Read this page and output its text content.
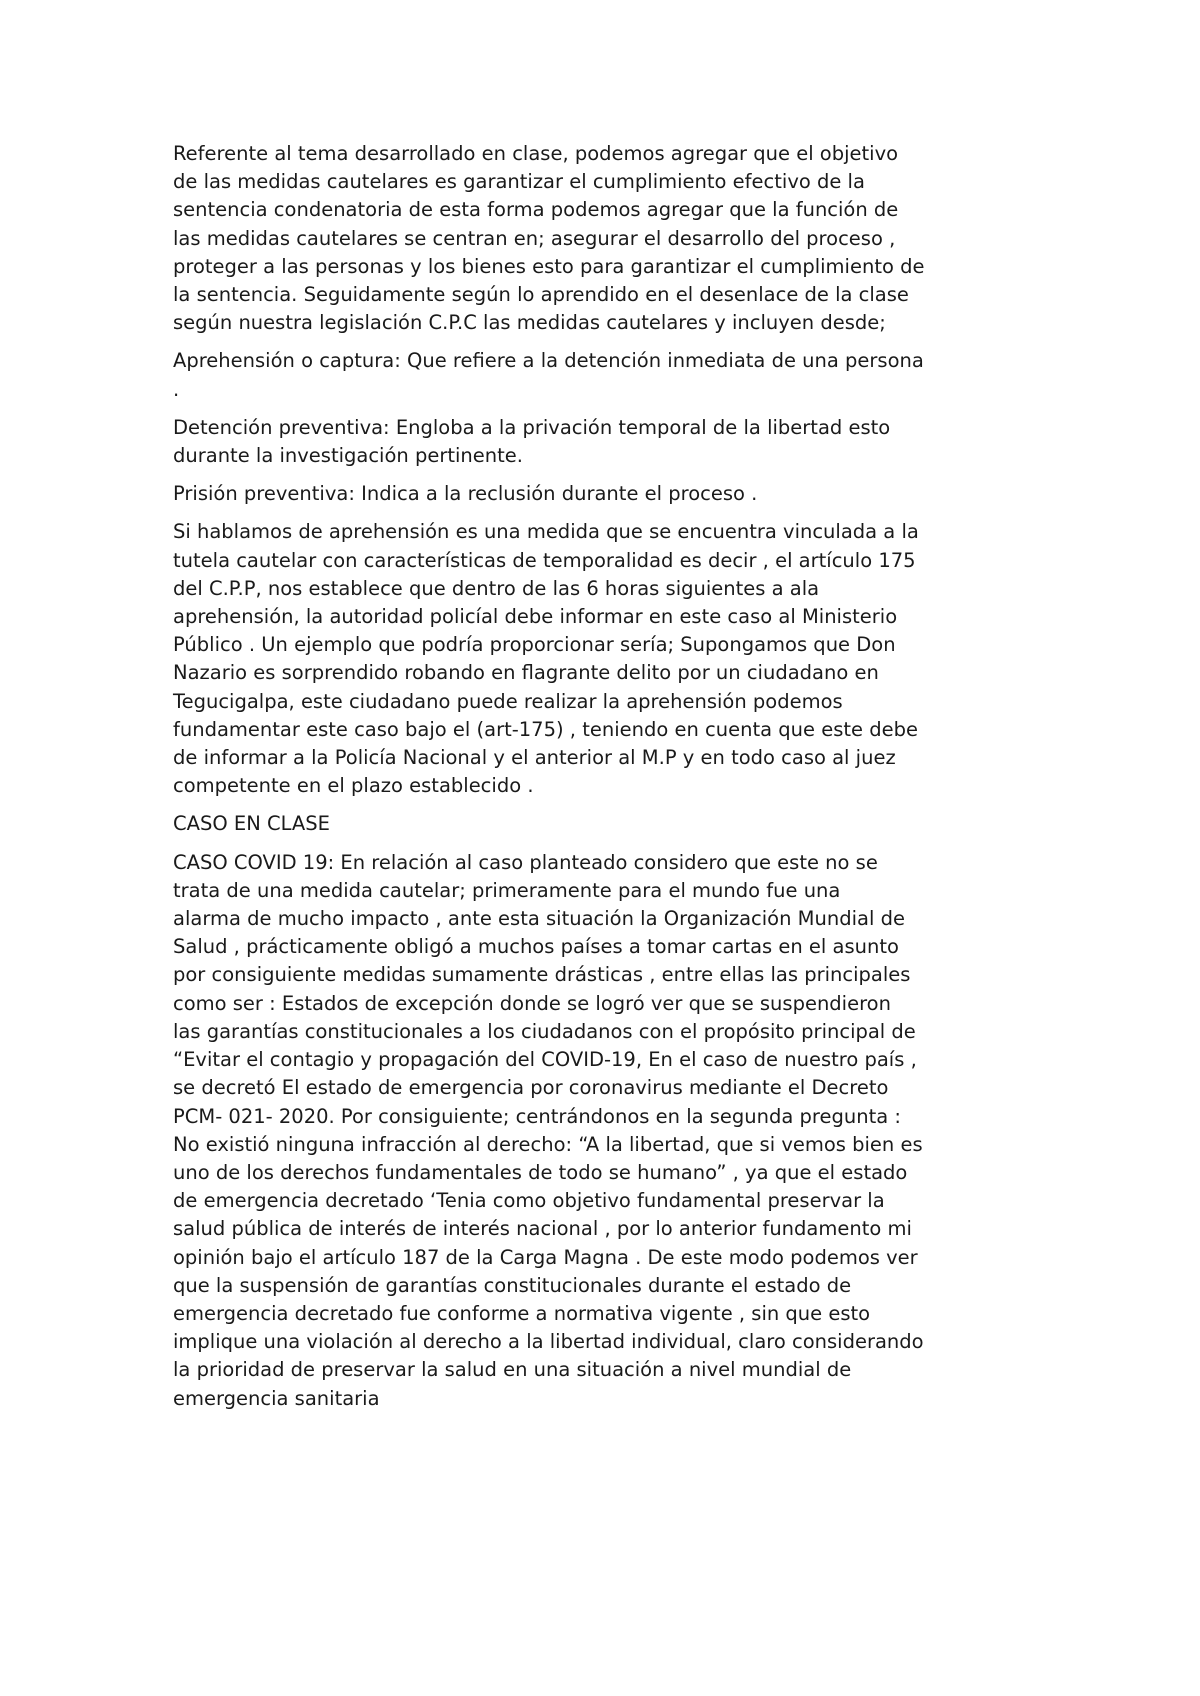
Referente al tema desarrollado en clase, podemos agregar que el objetivo
de las medidas cautelares es garantizar el cumplimiento efectivo de la
sentencia condenatoria de esta forma podemos agregar que la función de
las medidas cautelares se centran en; asegurar el desarrollo del proceso ,
proteger a las personas y los bienes esto para garantizar el cumplimiento de
la sentencia. Seguidamente según lo aprendido en el desenlace de la clase
según nuestra legislación C.P.C las medidas cautelares y incluyen desde;

Aprehensión o captura: Que refiere a la detención inmediata de una persona
.

Detención preventiva: Engloba a la privación temporal de la libertad esto
durante la investigación pertinente.

Prisión preventiva: Indica a la reclusión durante el proceso .

Si hablamos de aprehensión es una medida que se encuentra vinculada a la
tutela cautelar con características de temporalidad es decir , el artículo 175
del C.P.P, nos establece que dentro de las 6 horas siguientes a ala
aprehensión, la autoridad policíal debe informar en este caso al Ministerio
Público . Un ejemplo que podría proporcionar sería; Supongamos que Don
Nazario es sorprendido robando en flagrante delito por un ciudadano en
Tegucigalpa, este ciudadano puede realizar la aprehensión podemos
fundamentar este caso bajo el (art-175) , teniendo en cuenta que este debe
de informar a la Policía Nacional y el anterior al M.P y en todo caso al juez
competente en el plazo establecido .

CASO EN CLASE

CASO COVID 19: En relación al caso planteado considero que este no se
trata de una medida cautelar; primeramente para el mundo fue una
alarma de mucho impacto , ante esta situación la Organización Mundial de
Salud , prácticamente obligó a muchos países a tomar cartas en el asunto
por consiguiente medidas sumamente drásticas , entre ellas las principales
como ser : Estados de excepción donde se logró ver que se suspendieron
las garantías constitucionales a los ciudadanos con el propósito principal de
“Evitar el contagio y propagación del COVID-19, En el caso de nuestro país ,
se decretó El estado de emergencia por coronavirus mediante el Decreto
PCM- 021- 2020. Por consiguiente; centrándonos en la segunda pregunta :
No existió ninguna infracción al derecho: “A la libertad, que si vemos bien es
uno de los derechos fundamentales de todo se humano” , ya que el estado
de emergencia decretado ‘Tenia como objetivo fundamental preservar la
salud pública de interés de interés nacional , por lo anterior fundamento mi
opinión bajo el artículo 187 de la Carga Magna . De este modo podemos ver
que la suspensión de garantías constitucionales durante el estado de
emergencia decretado fue conforme a normativa vigente , sin que esto
implique una violación al derecho a la libertad individual, claro considerando
la prioridad de preservar la salud en una situación a nivel mundial de
emergencia sanitaria
